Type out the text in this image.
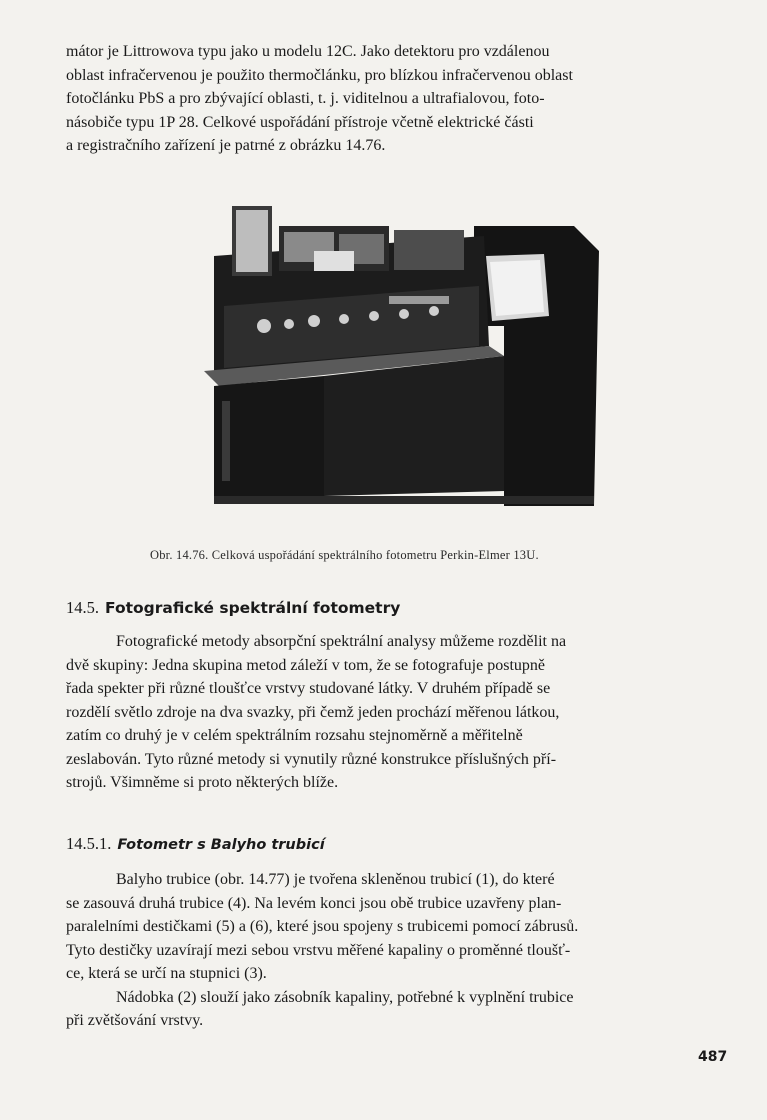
mátor je Littrowova typu jako u modelu 12C. Jako detektoru pro vzdálenou
oblast infračervenou je použito thermočlánku, pro blízkou infračervenou oblast
fotočlánku PbS a pro zbývající oblasti, t. j. viditelnou a ultrafialovou, foto-
násobiče typu 1P 28. Celkové uspořádání přístroje včetně elektrické části
a registračního zařízení je patrné z obrázku 14.76.
Obr. 14.76. Celková uspořádání spektrálního fotometru Perkin-Elmer 13U.
14.5. Fotografické spektrální fotometry
Fotografické metody absorpční spektrální analysy můžeme rozdělit na
dvě skupiny: Jedna skupina metod záleží v tom, že se fotografuje postupně
řada spekter při různé tloušťce vrstvy studované látky. V druhém případě se
rozdělí světlo zdroje na dva svazky, při čemž jeden prochází měřenou látkou,
zatím co druhý je v celém spektrálním rozsahu stejnoměrně a měřitelně
zeslabován. Tyto různé metody si vynutily různé konstrukce příslušných pří-
strojů. Všimněme si proto některých blíže.
14.5.1. Fotometr s Balyho trubicí
Balyho trubice (obr. 14.77) je tvořena skleněnou trubicí (1), do které
se zasouvá druhá trubice (4). Na levém konci jsou obě trubice uzavřeny plan-
paralelními destičkami (5) a (6), které jsou spojeny s trubicemi pomocí zábrusů.
Tyto destičky uzavírají mezi sebou vrstvu měřené kapaliny o proměnné tloušť-
ce, která se určí na stupnici (3).
Nádobka (2) slouží jako zásobník kapaliny, potřebné k vyplnění trubice
při zvětšování vrstvy.
487
